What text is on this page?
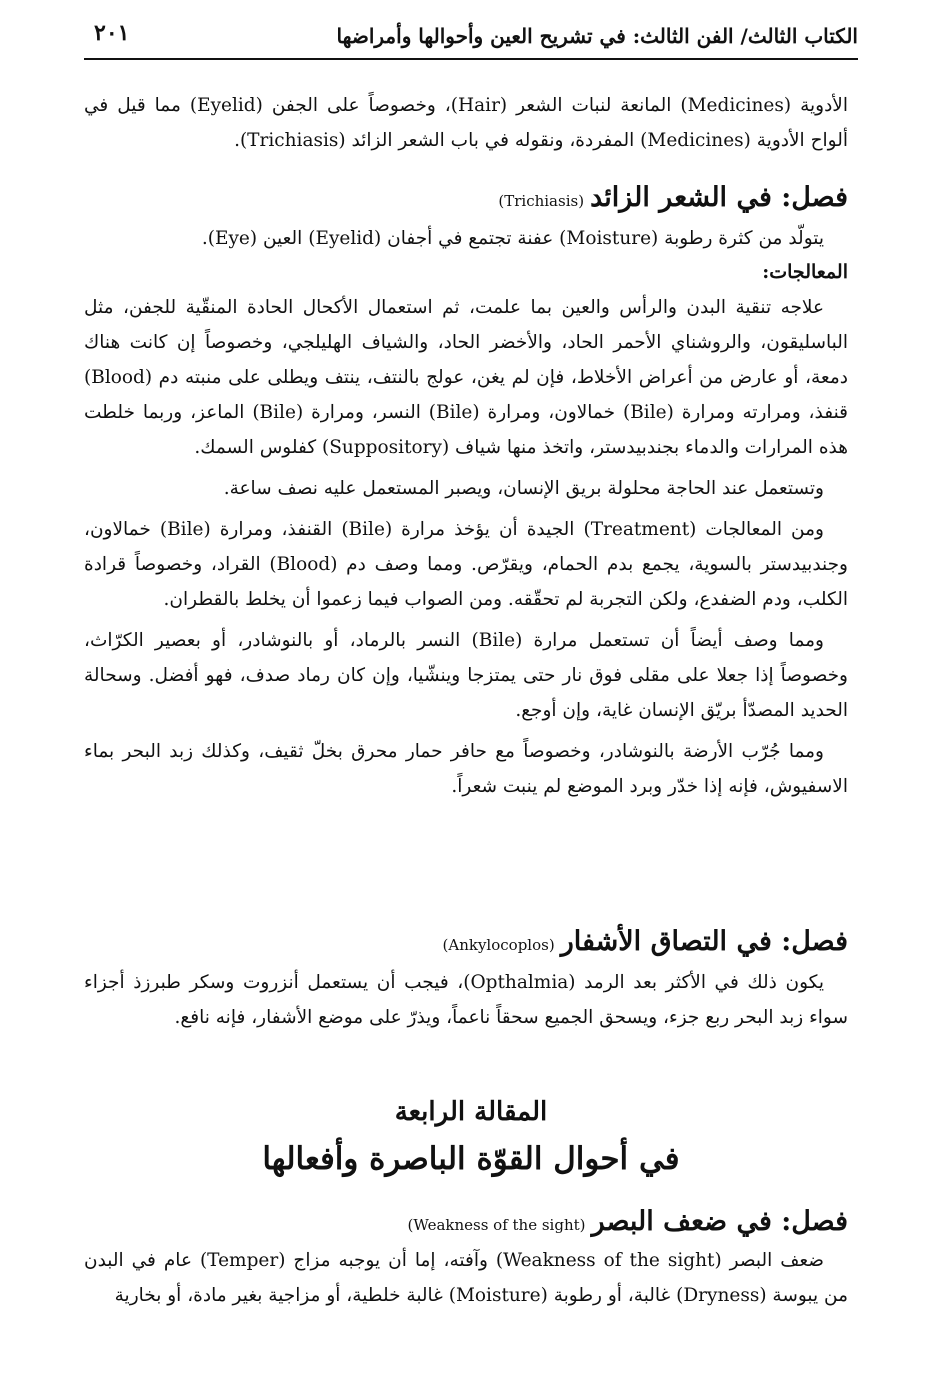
الكتاب الثالث/ الفن الثالث: في تشريح العين وأحوالها وأمراضها
٢٠١

الأدوية (Medicines) المانعة لنبات الشعر (Hair)، وخصوصاً على الجفن (Eyelid) مما قيل في ألواح الأدوية (Medicines) المفردة، ونقوله في باب الشعر الزائد (Trichiasis).

فصل: في الشعر الزائد (Trichiasis)

يتولّد من كثرة رطوبة (Moisture) عفنة تجتمع في أجفان (Eyelid) العين (Eye).

المعالجات:

علاجه تنقية البدن والرأس والعين بما علمت، ثم استعمال الأكحال الحادة المنقّية للجفن، مثل الباسليقون، والروشناي الأحمر الحاد، والأخضر الحاد، والشياف الهليلجي، وخصوصاً إن كانت هناك دمعة، أو عارض من أعراض الأخلاط، فإن لم يغن، عولج بالنتف، ينتف ويطلى على منبته دم (Blood) قنفذ، ومرارته ومرارة (Bile) خمالاون، ومرارة (Bile) النسر، ومرارة (Bile) الماعز، وربما خلطت هذه المرارات والدماء بجندبيدستر، واتخذ منها شياف (Suppository) كفلوس السمك.

وتستعمل عند الحاجة محلولة بريق الإنسان، ويصبر المستعمل عليه نصف ساعة.

ومن المعالجات (Treatment) الجيدة أن يؤخذ مرارة (Bile) القنفذ، ومرارة (Bile) خمالاون، وجندبيدستر بالسوية، يجمع بدم الحمام، ويقرّص. ومما وصف دم (Blood) القراد، وخصوصاً قرادة الكلب، ودم الضفدع، ولكن التجربة لم تحقّقه. ومن الصواب فيما زعموا أن يخلط بالقطران.

ومما وصف أيضاً أن تستعمل مرارة (Bile) النسر بالرماد، أو بالنوشادر، أو بعصير الكرّاث، وخصوصاً إذا جعلا على مقلى فوق نار حتى يمتزجا وينشّيا، وإن كان رماد صدف، فهو أفضل. وسحالة الحديد المصدّأ بريّق الإنسان غاية، وإن أوجع.

ومما جُرّب الأرضة بالنوشادر، وخصوصاً مع حافر حمار محرق بخلّ ثقيف، وكذلك زبد البحر بماء الاسفيوش، فإنه إذا خدّر وبرد الموضع لم ينبت شعراً.

فصل: في التصاق الأشفار (Ankylocoplos)

يكون ذلك في الأكثر بعد الرمد (Opthalmia)، فيجب أن يستعمل أنزروت وسكر طبرزذ أجزاء سواء زبد البحر ربع جزء، ويسحق الجميع سحقاً ناعماً، ويذرّ على موضع الأشفار، فإنه نافع.

المقالة الرابعة
في أحوال القوّة الباصرة وأفعالها

فصل: في ضعف البصر (Weakness of the sight)

ضعف البصر (Weakness of the sight) وآفته، إما أن يوجبه مزاج (Temper) عام في البدن من يبوسة (Dryness) غالبة، أو رطوبة (Moisture) غالبة خلطية، أو مزاجية بغير مادة، أو بخارية
